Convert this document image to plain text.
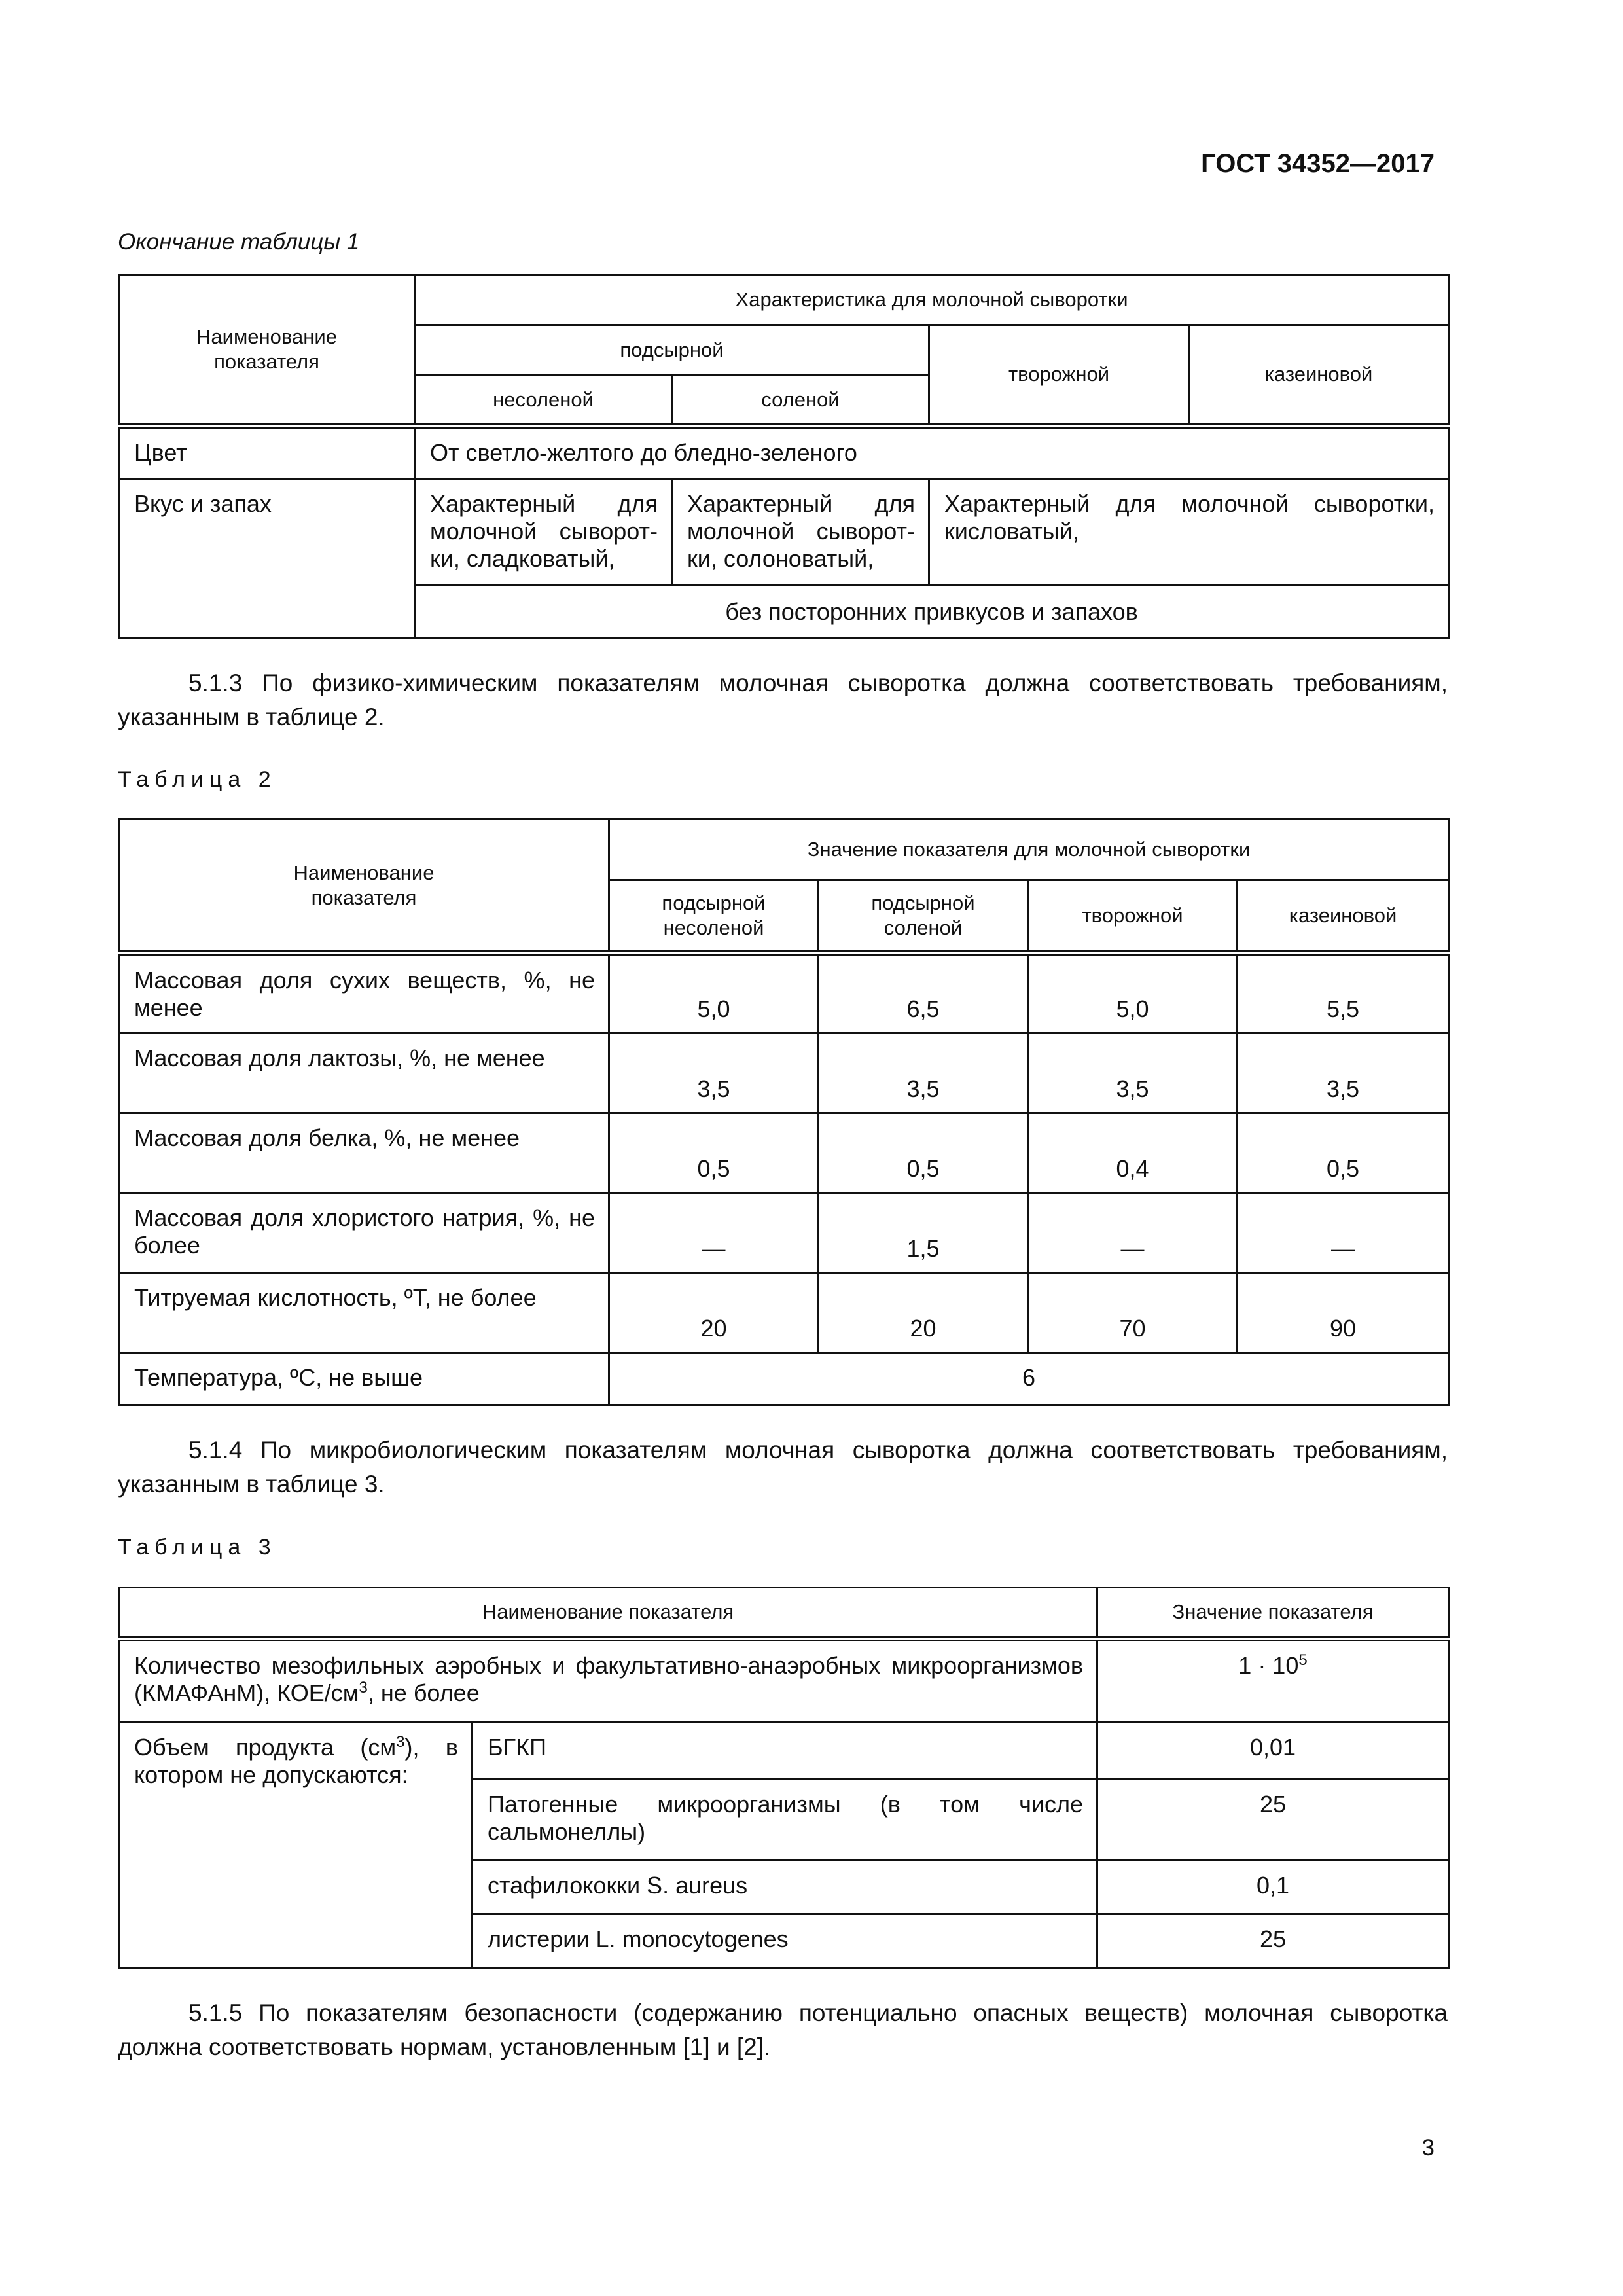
ГОСТ 34352—2017
Окончание таблицы 1
Наименование показателя	Характеристика для молочной сыворотки			
	подсырной		творожной	казеиновой
	несоленой	соленой		
Цвет	От светло-желтого до бледно-зеленого			
Вкус и запах	Характерный для молочной сыворот-ки, сладковатый,	Характерный для молочной сыворот-ки, солоноватый,	Характерный для молочной сыворотки, кисловатый,	
	без посторонних привкусов и запахов			
5.1.3 По физико-химическим показателям молочная сыворотка должна соответствовать требованиям, указанным в таблице 2.
Таблица 2
Наименование показателя	Значение показателя для молочной сыворотки			

	подсырной несоленой	подсырной соленой	творожной	казеиновой
Массовая доля сухих веществ, %, не менее	5,0	6,5	5,0	5,5
Массовая доля лактозы, %, не менее	3,5	3,5	3,5	3,5
Массовая доля белка, %, не менее	0,5	0,5	0,4	0,5
Массовая доля хлористого натрия, %, не более	—	1,5	—	—
Титруемая кислотность, ºТ, не более	20	20	70	90
Температура, ºС, не выше	6			
5.1.4 По микробиологическим показателям молочная сыворотка должна соответствовать требованиям, указанным в таблице 3.
Таблица 3
Наименование показателя		Значение показателя
Количество мезофильных аэробных и факультативно-анаэробных микроорганизмов (КМАФАнМ), КОЕ/$см^3$, не более		$1 \cdot 10^5$
Объем продукта $(см^3)$, в котором не допускаются:	БГКП	0,01
	Патогенные микроорганизмы (в том числе сальмонеллы)	25
	стафилококки S. aureus	0,1
	листерии L. monocytogenes	25
5.1.5 По показателям безопасности (содержанию потенциально опасных веществ) молочная сыворотка должна соответствовать нормам, установленным [1] и [2].
3
